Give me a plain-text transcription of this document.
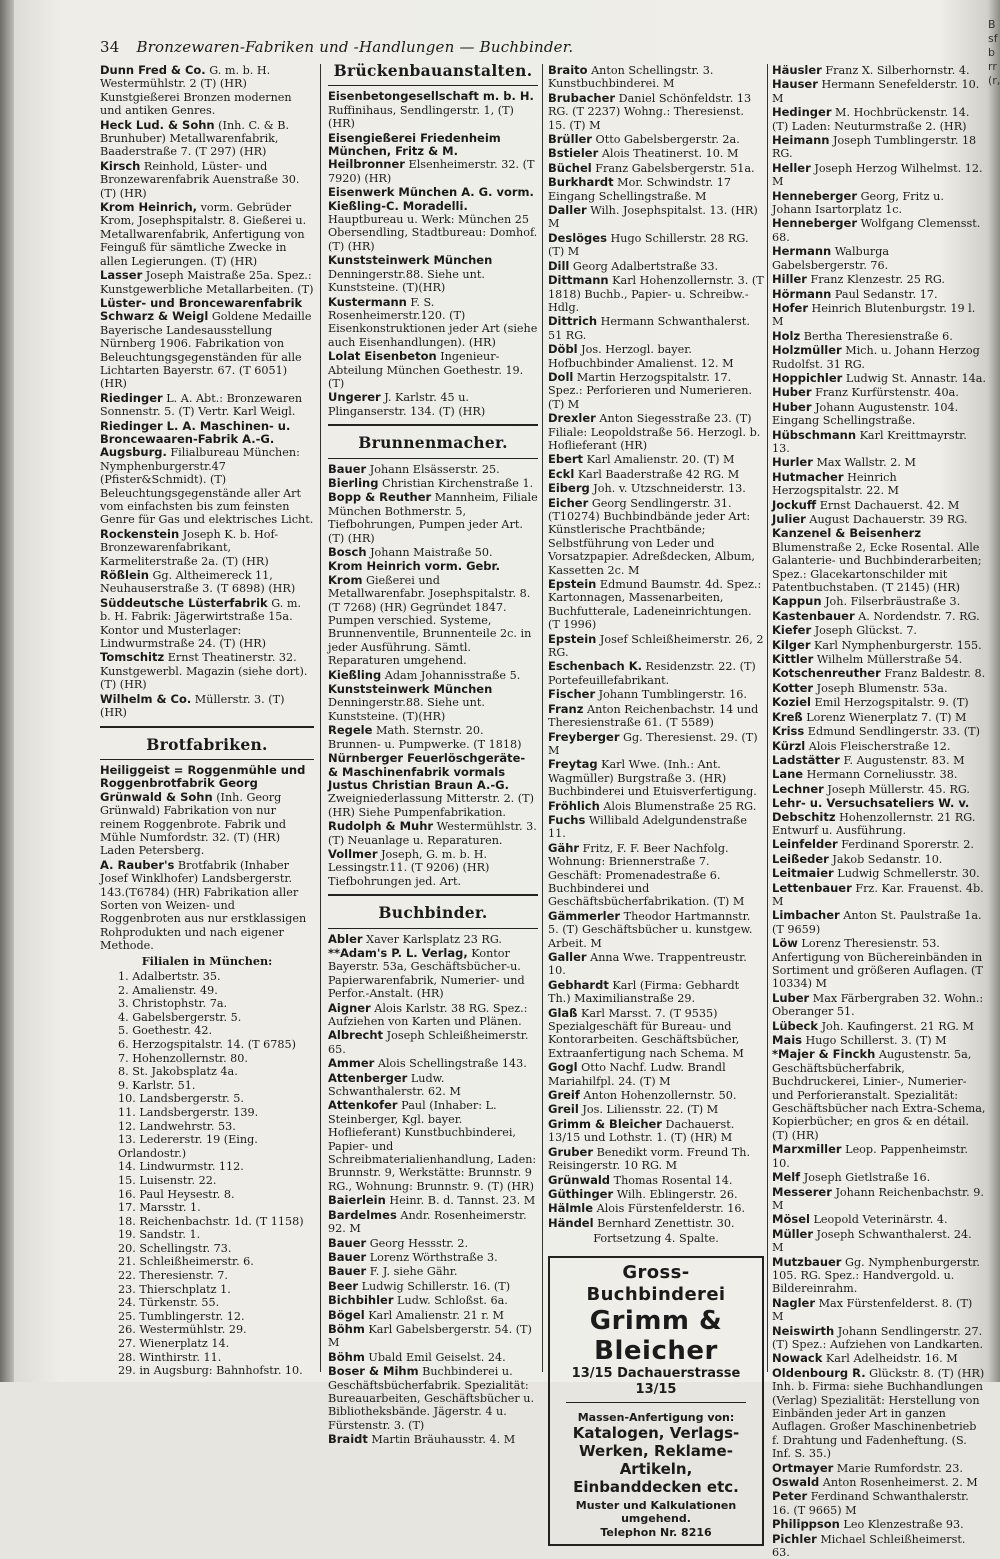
Bsfbrr (r,
34 Bronzewaren-Fabriken und -Handlungen — Buchbinder.
Dunn Fred & Co. G. m. b. H. Westermühlstr. 2 (T) (HR) Kunstgießerei Bronzen modernen und antiken Genres.
Heck Lud. & Sohn (Inh. C. & B. Brunhuber) Metallwarenfabrik, Baaderstraße 7. (T 297) (HR)
Kirsch Reinhold, Lüster- und Bronzewarenfabrik Auenstraße 30. (T) (HR)
Krom Heinrich, vorm. Gebrüder Krom, Josephspitalstr. 8. Gießerei u. Metallwarenfabrik, Anfertigung von Feinguß für sämtliche Zwecke in allen Legierungen. (T) (HR)
Lasser Joseph Maistraße 25a. Spez.: Kunstgewerbliche Metallarbeiten. (T)
Lüster- und Broncewarenfabrik Schwarz & Weigl Goldene Medaille Bayerische Landesausstellung Nürnberg 1906. Fabrikation von Beleuchtungsgegenständen für alle Lichtarten Bayerstr. 67. (T 6051) (HR)
Riedinger L. A. Abt.: Bronzewaren Sonnenstr. 5. (T) Vertr. Karl Weigl.
Riedinger L. A. Maschinen- u. Broncewaaren-Fabrik A.-G. Augsburg. Filialbureau München: Nymphenburgerstr.47 (Pfister&Schmidt). (T) Beleuchtungsgegenstände aller Art vom einfachsten bis zum feinsten Genre für Gas und elektrisches Licht.
Rockenstein Joseph K. b. Hof-Bronzewarenfabrikant, Karmeliterstraße 2a. (T) (HR)
Rößlein Gg. Altheimereck 11, Neuhauserstraße 3. (T 6898) (HR)
Süddeutsche Lüsterfabrik G. m. b. H. Fabrik: Jägerwirtstraße 15a. Kontor und Musterlager: Lindwurmstraße 24. (T) (HR)
Tomschitz Ernst Theatinerstr. 32. Kunstgewerbl. Magazin (siehe dort). (T) (HR)
Wilhelm & Co. Müllerstr. 3. (T) (HR)
Brotfabriken.
Heiliggeist = Roggenmühle und Roggenbrotfabrik Georg Grünwald & Sohn (Inh. Georg Grünwald) Fabrikation von nur reinem Roggenbrote. Fabrik und Mühle Numfordstr. 32. (T) (HR) Laden Petersberg.
A. Rauber's Brotfabrik (Inhaber Josef Winklhofer) Landsbergerstr. 143.(T6784) (HR) Fabrikation aller Sorten von Weizen- und Roggenbroten aus nur erstklassigen Rohprodukten und nach eigener Methode.
Filialen in München:
1. Adalbertstr. 35.
2. Amalienstr. 49.
3. Christophstr. 7a.
4. Gabelsbergerstr. 5.
5. Goethestr. 42.
6. Herzogspitalstr. 14. (T 6785)
7. Hohenzollernstr. 80.
8. St. Jakobsplatz 4a.
9. Karlstr. 51.
10. Landsbergerstr. 5.
11. Landsbergerstr. 139.
12. Landwehrstr. 53.
13. Ledererstr. 19 (Eing. Orlandostr.)
14. Lindwurmstr. 112.
15. Luisenstr. 22.
16. Paul Heysestr. 8.
17. Marsstr. 1.
18. Reichenbachstr. 1d. (T 1158)
19. Sandstr. 1.
20. Schellingstr. 73.
21. Schleißheimerstr. 6.
22. Theresienstr. 7.
23. Thierschplatz 1.
24. Türkenstr. 55.
25. Tumblingerstr. 12.
26. Westermühlstr. 29.
27. Wienerplatz 14.
28. Winthirstr. 11.
29. in Augsburg: Bahnhofstr. 10.
Brückenbauanstalten.
Eisenbetongesellschaft m. b. H. Ruffinihaus, Sendlingerstr. 1, (T) (HR)
Eisengießerei Friedenheim München, Fritz & M. Heilbronner Elsenheimerstr. 32. (T 7920) (HR)
Eisenwerk München A. G. vorm. Kießling-C. Moradelli. Hauptbureau u. Werk: München 25 Obersendling, Stadtbureau: Domhof. (T) (HR)
Kunststeinwerk München Denningerstr.88. Siehe unt. Kunststeine. (T)(HR)
Kustermann F. S. Rosenheimerstr.120. (T) Eisenkonstruktionen jeder Art (siehe auch Eisenhandlungen). (HR)
Lolat Eisenbeton Ingenieur-Abteilung München Goethestr. 19. (T)
Ungerer J. Karlstr. 45 u. Plinganserstr. 134. (T) (HR)
Brunnenmacher.
Bauer Johann Elsässerstr. 25.
Bierling Christian Kirchenstraße 1.
Bopp & Reuther Mannheim, Filiale München Bothmerstr. 5, Tiefbohrungen, Pumpen jeder Art. (T) (HR)
Bosch Johann Maistraße 50.
Krom Heinrich vorm. Gebr. Krom Gießerei und Metallwarenfabr. Josephspitalstr. 8. (T 7268) (HR) Gegründet 1847. Pumpen verschied. Systeme, Brunnenventile, Brunnenteile 2c. in jeder Ausführung. Sämtl. Reparaturen umgehend.
Kießling Adam Johannisstraße 5.
Kunststeinwerk München Denningerstr.88. Siehe unt. Kunststeine. (T)(HR)
Regele Math. Sternstr. 20. Brunnen- u. Pumpwerke. (T 1818)
Nürnberger Feuerlöschgeräte- & Maschinenfabrik vormals Justus Christian Braun A.-G. Zweigniederlassung Mitterstr. 2. (T) (HR) Siehe Pumpenfabrikation.
Rudolph & Muhr Westermühlstr. 3. (T) Neuanlage u. Reparaturen.
Vollmer Joseph, G. m. b. H. Lessingstr.11. (T 9206) (HR) Tiefbohrungen jed. Art.
Buchbinder.
Abler Xaver Karlsplatz 23 RG.
**Adam's P. L. Verlag, Kontor Bayerstr. 53a, Geschäftsbücher-u. Papierwarenfabrik, Numerier- und Perfor.-Anstalt. (HR)
Aigner Alois Karlstr. 38 RG. Spez.: Aufziehen von Karten und Plänen.
Albrecht Joseph Schleißheimerstr. 65.
Ammer Alois Schellingstraße 143.
Attenberger Ludw. Schwanthalerstr. 62. M
Attenkofer Paul (Inhaber: L. Steinberger, Kgl. bayer. Hoflieferant) Kunstbuchbinderei, Papier- und Schreibmaterialienhandlung, Laden: Brunnstr. 9, Werkstätte: Brunnstr. 9 RG., Wohnung: Brunnstr. 9. (T) (HR)
Baierlein Heinr. B. d. Tannst. 23. M
Bardelmes Andr. Rosenheimerstr. 92. M
Bauer Georg Hessstr. 2.
Bauer Lorenz Wörthstraße 3.
Bauer F. J. siehe Gähr.
Beer Ludwig Schillerstr. 16. (T)
Bichbihler Ludw. Schloßst. 6a.
Bögel Karl Amalienstr. 21 r. M
Böhm Karl Gabelsbergerstr. 54. (T) M
Böhm Ubald Emil Geiselst. 24.
Boser & Mihm Buchbinderei u. Geschäftsbücherfabrik. Spezialität: Bureauarbeiten, Geschäftsbücher u. Bibliotheksbände. Jägerstr. 4 u. Fürstenstr. 3. (T)
Braidt Martin Bräuhausstr. 4. M
Braito Anton Schellingstr. 3. Kunstbuchbinderei. M
Brubacher Daniel Schönfeldstr. 13 RG. (T 2237) Wohng.: Theresienst. 15. (T) M
Brüller Otto Gabelsbergerstr. 2a.
Bstieler Alois Theatinerst. 10. M
Büchel Franz Gabelsbergerstr. 51a.
Burkhardt Mor. Schwindstr. 17 Eingang Schellingstraße. M
Daller Wilh. Josephspitalst. 13. (HR) M
Deslöges Hugo Schillerstr. 28 RG. (T) M
Dill Georg Adalbertstraße 33.
Dittmann Karl Hohenzollernstr. 3. (T 1818) Buchb., Papier- u. Schreibw.-Hdlg.
Dittrich Hermann Schwanthalerst. 51 RG.
Döbl Jos. Herzogl. bayer. Hofbuchbinder Amalienst. 12. M
Doll Martin Herzogspitalstr. 17. Spez.: Perforieren und Numerieren. (T) M
Drexler Anton Siegesstraße 23. (T) Filiale: Leopoldstraße 56. Herzogl. b. Hoflieferant (HR)
Ebert Karl Amalienstr. 20. (T) M
Eckl Karl Baaderstraße 42 RG. M
Eiberg Joh. v. Utzschneiderstr. 13.
Eicher Georg Sendlingerstr. 31. (T10274) Buchbindbände jeder Art: Künstlerische Prachtbände; Selbstführung von Leder und Vorsatzpapier. Adreßdecken, Album, Kassetten 2c. M
Epstein Edmund Baumstr. 4d. Spez.: Kartonnagen, Massenarbeiten, Buchfutterale, Ladeneinrichtungen. (T 1996)
Epstein Josef Schleißheimerstr. 26, 2 RG.
Eschenbach K. Residenzstr. 22. (T) Portefeuillefabrikant.
Fischer Johann Tumblingerstr. 16.
Franz Anton Reichenbachstr. 14 und Theresienstraße 61. (T 5589)
Freyberger Gg. Theresienst. 29. (T) M
Freytag Karl Wwe. (Inh.: Ant. Wagmüller) Burgstraße 3. (HR) Buchbinderei und Etuisverfertigung.
Fröhlich Alois Blumenstraße 25 RG.
Fuchs Willibald Adelgundenstraße 11.
Gähr Fritz, F. F. Beer Nachfolg. Wohnung: Briennerstraße 7. Geschäft: Promenadestraße 6. Buchbinderei und Geschäftsbücherfabrikation. (T) M
Gämmerler Theodor Hartmannstr. 5. (T) Geschäftsbücher u. kunstgew. Arbeit. M
Galler Anna Wwe. Trappentreustr. 10.
Gebhardt Karl (Firma: Gebhardt Th.) Maximilianstraße 29.
Glaß Karl Marsst. 7. (T 9535) Spezialgeschäft für Bureau- und Kontorarbeiten. Geschäftsbücher, Extraanfertigung nach Schema. M
Gogl Otto Nachf. Ludw. Brandl Mariahilfpl. 24. (T) M
Greif Anton Hohenzollernstr. 50.
Greil Jos. Liliensstr. 22. (T) M
Grimm & Bleicher Dachauerst. 13/15 und Lothstr. 1. (T) (HR) M
Gruber Benedikt vorm. Freund Th. Reisingerstr. 10 RG. M
Grünwald Thomas Rosental 14.
Güthinger Wilh. Eblingerstr. 26.
Hälmle Alois Fürstenfelderstr. 16.
Händel Bernhard Zenettistr. 30.
Fortsetzung 4. Spalte.
Gross-Buchbinderei
Grimm & Bleicher
13/15 Dachauerstrasse 13/15
Massen-Anfertigung von:
Katalogen, Verlags-Werken, Reklame-Artikeln, Einbanddecken etc.
Muster und Kalkulationen umgehend.
Telephon Nr. 8216
Häusler Franz X. Silberhornstr. 4.
Hauser Hermann Senefelderstr. 10. M
Hedinger M. Hochbrückenstr. 14. (T) Laden: Neuturmstraße 2. (HR)
Heimann Joseph Tumblingerstr. 18 RG.
Heller Joseph Herzog Wilhelmst. 12. M
Henneberger Georg, Fritz u. Johann Isartorplatz 1c.
Henneberger Wolfgang Clemensst. 68.
Hermann Walburga Gabelsbergerstr. 76.
Hiller Franz Klenzestr. 25 RG.
Hörmann Paul Sedanstr. 17.
Hofer Heinrich Blutenburgstr. 19 l. M
Holz Bertha Theresienstraße 6.
Holzmüller Mich. u. Johann Herzog Rudolfst. 31 RG.
Hoppichler Ludwig St. Annastr. 14a.
Huber Franz Kurfürstenstr. 40a.
Huber Johann Augustenstr. 104. Eingang Schellingstraße.
Hübschmann Karl Kreittmayrstr. 13.
Hurler Max Wallstr. 2. M
Hutmacher Heinrich Herzogspitalstr. 22. M
Jockuff Ernst Dachauerst. 42. M
Julier August Dachauerstr. 39 RG.
Kanzenel & Beisenherz Blumenstraße 2, Ecke Rosental. Alle Galanterie- und Buchbinderarbeiten; Spez.: Glacekartonschilder mit Patentbuchstaben. (T 2145) (HR)
Kappun Joh. Filserbräustraße 3.
Kastenbauer A. Nordendstr. 7. RG.
Kiefer Joseph Glückst. 7.
Kilger Karl Nymphenburgerstr. 155.
Kittler Wilhelm Müllerstraße 54.
Kotschenreuther Franz Baldestr. 8.
Kotter Joseph Blumenstr. 53a.
Koziel Emil Herzogspitalstr. 9. (T)
Kreß Lorenz Wienerplatz 7. (T) M
Kriss Edmund Sendlingerstr. 33. (T)
Kürzl Alois Fleischerstraße 12.
Ladstätter F. Augustenstr. 83. M
Lane Hermann Corneliusstr. 38.
Lechner Joseph Müllerstr. 45. RG.
Lehr- u. Versuchsateliers W. v. Debschitz Hohenzollernstr. 21 RG. Entwurf u. Ausführung.
Leinfelder Ferdinand Sporerstr. 2.
Leißeder Jakob Sedanstr. 10.
Leitmaier Ludwig Schmellerstr. 30.
Lettenbauer Frz. Kar. Frauenst. 4b. M
Limbacher Anton St. Paulstraße 1a. (T 9659)
Löw Lorenz Theresienstr. 53. Anfertigung von Büchereinbänden in Sortiment und größeren Auflagen. (T 10334) M
Luber Max Färbergraben 32. Wohn.: Oberanger 51.
Lübeck Joh. Kaufingerst. 21 RG. M
Mais Hugo Schillerst. 3. (T) M
*Majer & Finckh Augustenstr. 5a, Geschäftsbücherfabrik, Buchdruckerei, Linier-, Numerier- und Perforieranstalt. Spezialität: Geschäftsbücher nach Extra-Schema, Kopierbücher; en gros & en détail. (T) (HR)
Marxmiller Leop. Pappenheimstr. 10.
Melf Joseph Gietlstraße 16.
Messerer Johann Reichenbachstr. 9. M
Mösel Leopold Veterinärstr. 4.
Müller Joseph Schwanthalerst. 24. M
Mutzbauer Gg. Nymphenburgerstr. 105. RG. Spez.: Handvergold. u. Bildereinrahm.
Nagler Max Fürstenfelderst. 8. (T) M
Neiswirth Johann Sendlingerstr. 27. (T) Spez.: Aufziehen von Landkarten.
Nowack Karl Adelheidstr. 16. M
Oldenbourg R. Glückstr. 8. (T) (HR) Inh. b. Firma: siehe Buchhandlungen (Verlag) Spezialität: Herstellung von Einbänden jeder Art in ganzen Auflagen. Großer Maschinenbetrieb f. Drahtung und Fadenheftung. (S. Inf. S. 35.)
Ortmayer Marie Rumfordstr. 23.
Oswald Anton Rosenheimerst. 2. M
Peter Ferdinand Schwanthalerstr. 16. (T 9665) M
Philippson Leo Klenzestraße 93.
Pichler Michael Schleißheimerst. 63.
